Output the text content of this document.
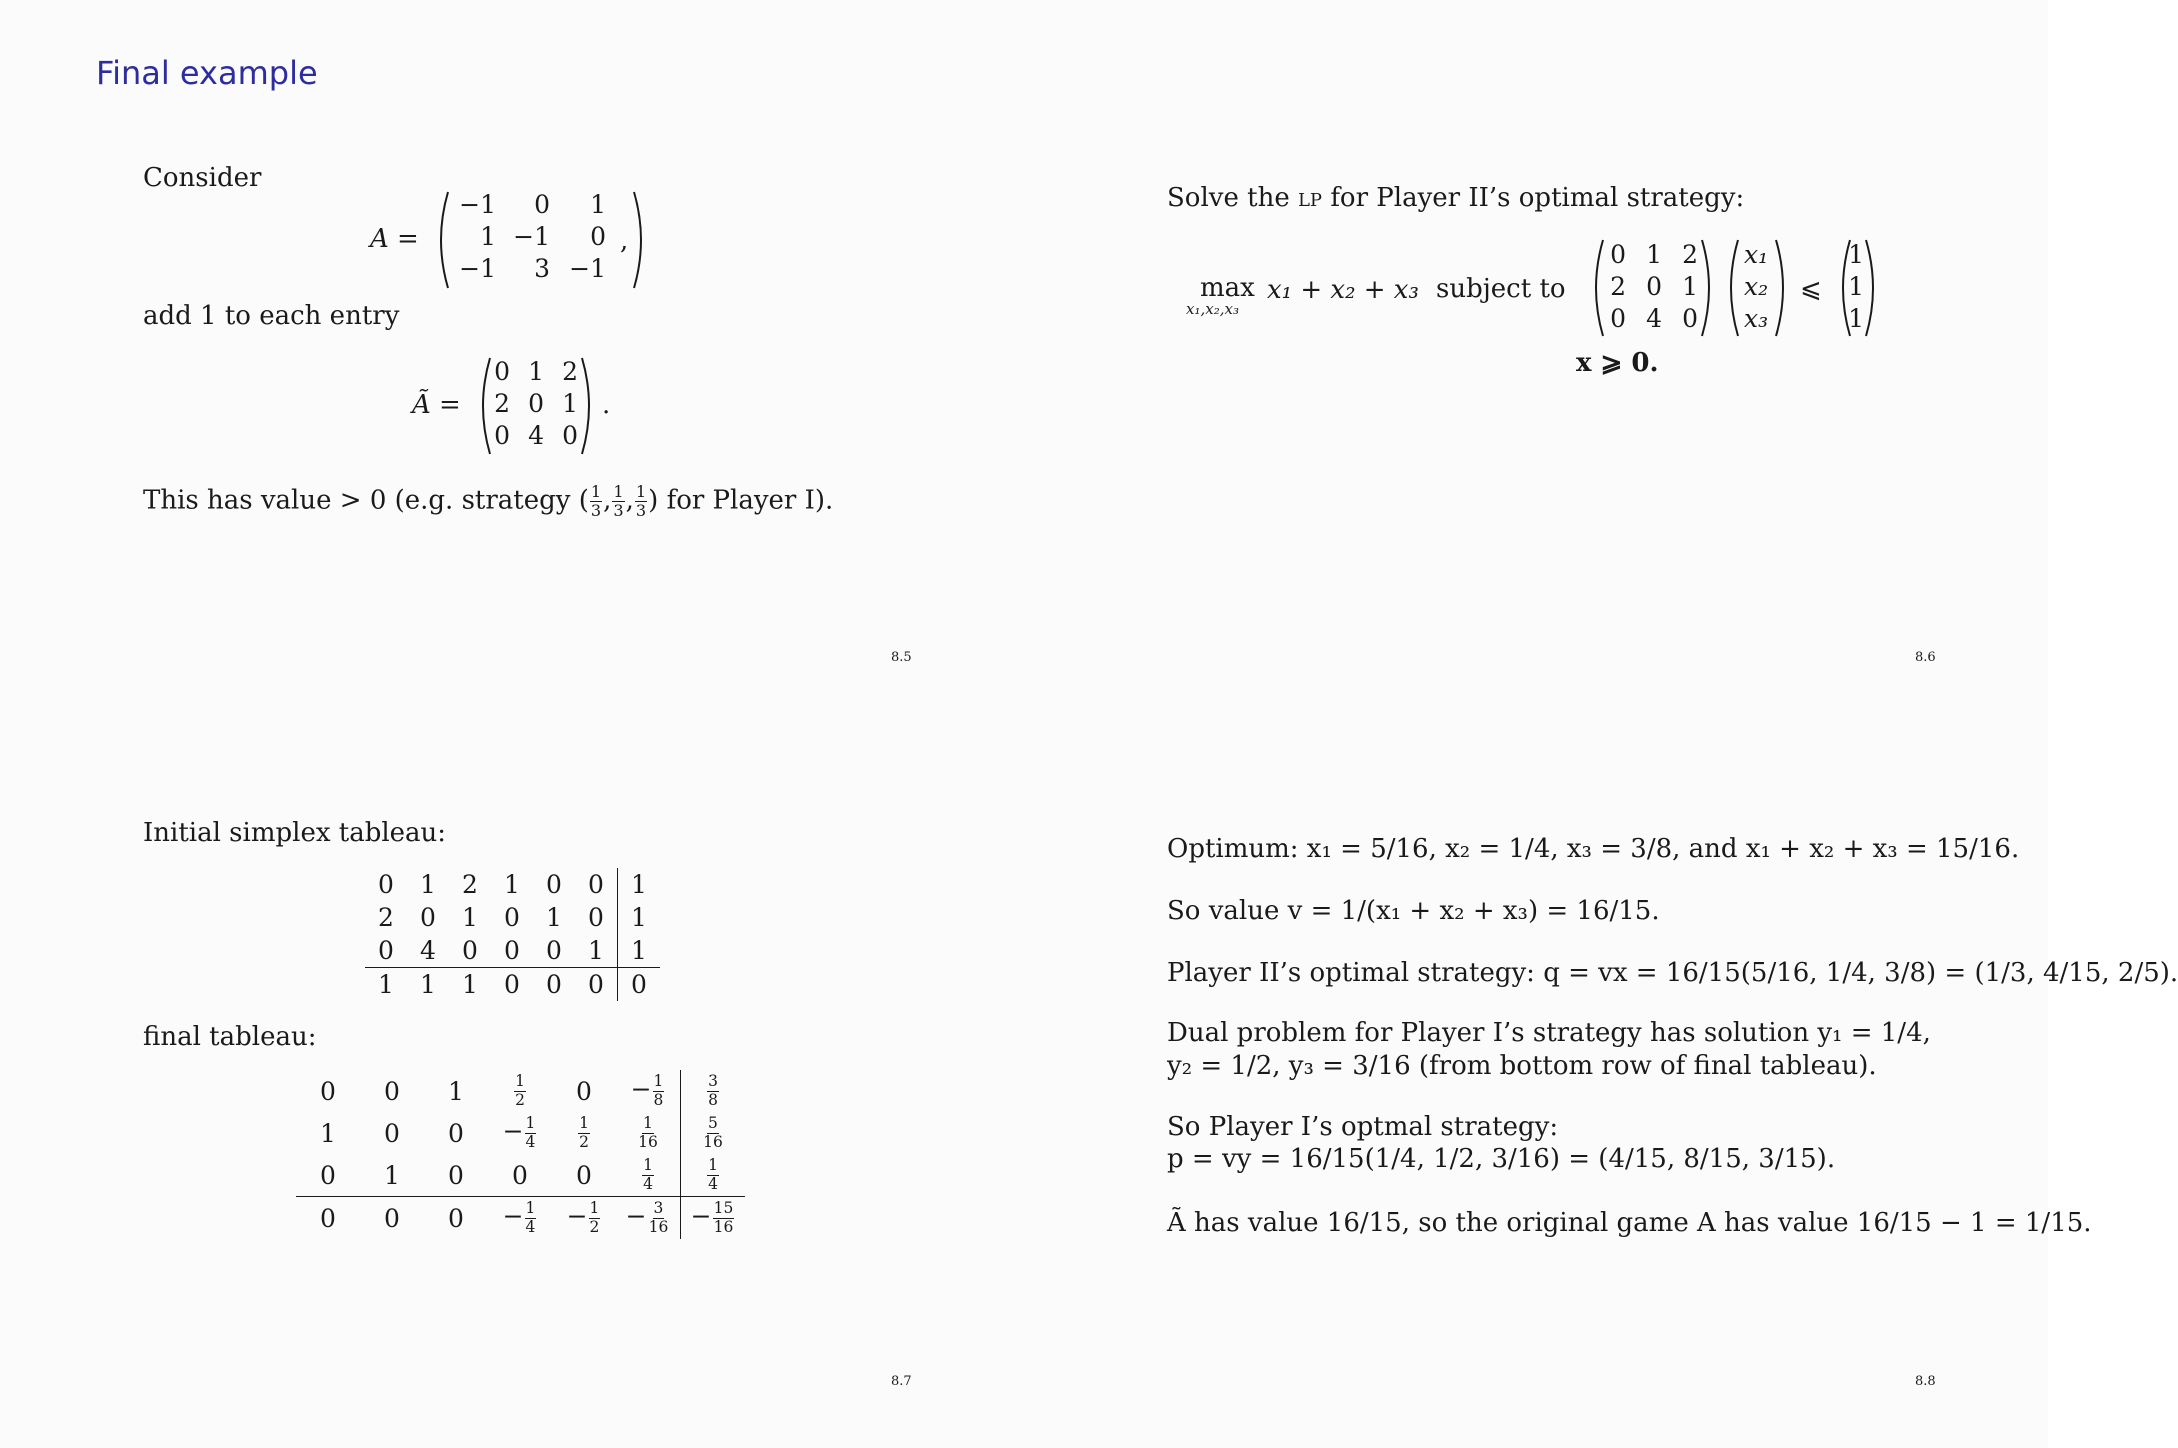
Final example
Consider
A =
−1	0	1
1	−1	0
−1	3	−1
,
add 1 to each entry
Ã =
0	1	2
2	0	1
0	4	0
.
This has value > 0 (e.g. strategy ( $\frac{1}{3}$ , $\frac{1}{3}$ , $\frac{1}{3}$ ) for Player I).
8.5
Solve the lp for Player II’s optimal strategy:
max
x₁,x₂,x₃
x₁ + x₂ + x₃ subject to
0	1	2
2	0	1
0	4	0
x₁
x₂
x₃
⩽
1
1
1
x ⩾ 0.
8.6
Initial simplex tableau:
0	1	2	1	0	0	1
2	0	1	0	1	0	1
0	4	0	0	0	1	1
1	1	1	0	0	0	0
final tableau:
0	0	1	$\frac{1}{2}$	0	− $\frac{1}{8}$	$\frac{3}{8}$

1	0	0	− $\frac{1}{4}$	$\frac{1}{2}$	$\frac{1}{16}$	$\frac{5}{16}$

0	1	0	0	0	$\frac{1}{4}$	$\frac{1}{4}$

0	0	0	− $\frac{1}{4}$	− $\frac{1}{2}$	− $\frac{3}{16}$	− $\frac{15}{16}$
8.7
Optimum: x₁ = 5/16, x₂ = 1/4, x₃ = 3/8, and x₁ + x₂ + x₃ = 15/16.
So value v = 1/(x₁ + x₂ + x₃) = 16/15.
Player II’s optimal strategy: q = vx = 16/15(5/16, 1/4, 3/8) = (1/3, 4/15, 2/5).
Dual problem for Player I’s strategy has solution y₁ = 1/4,
y₂ = 1/2, y₃ = 3/16 (from bottom row of final tableau).
So Player I’s optmal strategy:
p = vy = 16/15(1/4, 1/2, 3/16) = (4/15, 8/15, 3/15).
Ã has value 16/15, so the original game A has value 16/15 − 1 = 1/15.
8.8
